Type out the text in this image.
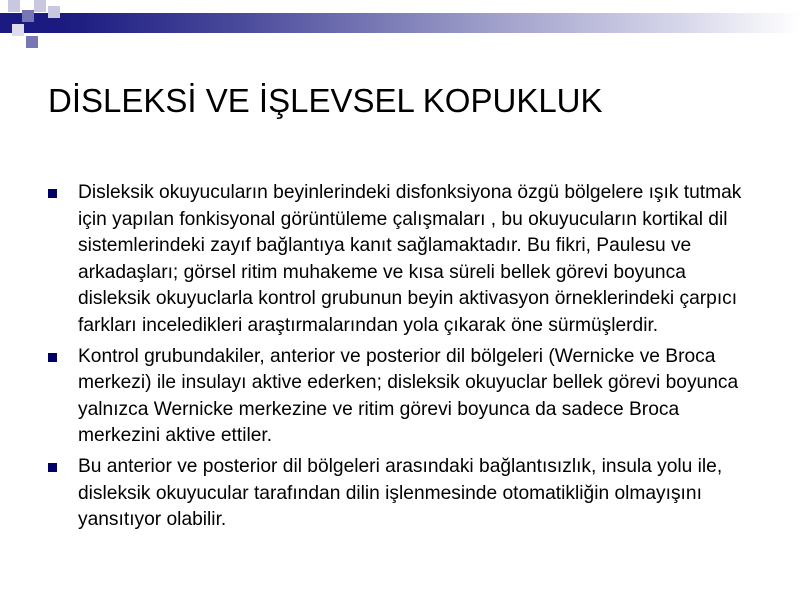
DİSLEKSİ VE İŞLEVSEL KOPUKLUK
Disleksik okuyucuların beyinlerindeki disfonksiyona özgü bölgelere ışık tutmak için yapılan fonkisyonal görüntüleme çalışmaları , bu okuyucuların kortikal dil sistemlerindeki zayıf bağlantıya kanıt sağlamaktadır. Bu fikri, Paulesu ve arkadaşları; görsel ritim muhakeme ve kısa süreli bellek görevi boyunca disleksik okuyuclarla kontrol grubunun beyin aktivasyon örneklerindeki çarpıcı farkları inceledikleri araştırmalarından yola çıkarak öne sürmüşlerdir.
Kontrol grubundakiler, anterior ve posterior dil bölgeleri (Wernicke ve Broca merkezi) ile insulayı aktive ederken; disleksik okuyuclar bellek görevi boyunca yalnızca Wernicke merkezine ve ritim görevi boyunca da sadece Broca merkezini aktive ettiler.
Bu anterior ve posterior dil bölgeleri arasındaki bağlantısızlık, insula yolu ile, disleksik okuyucular tarafından dilin işlenmesinde otomatikliğin olmayışını yansıtıyor olabilir.
